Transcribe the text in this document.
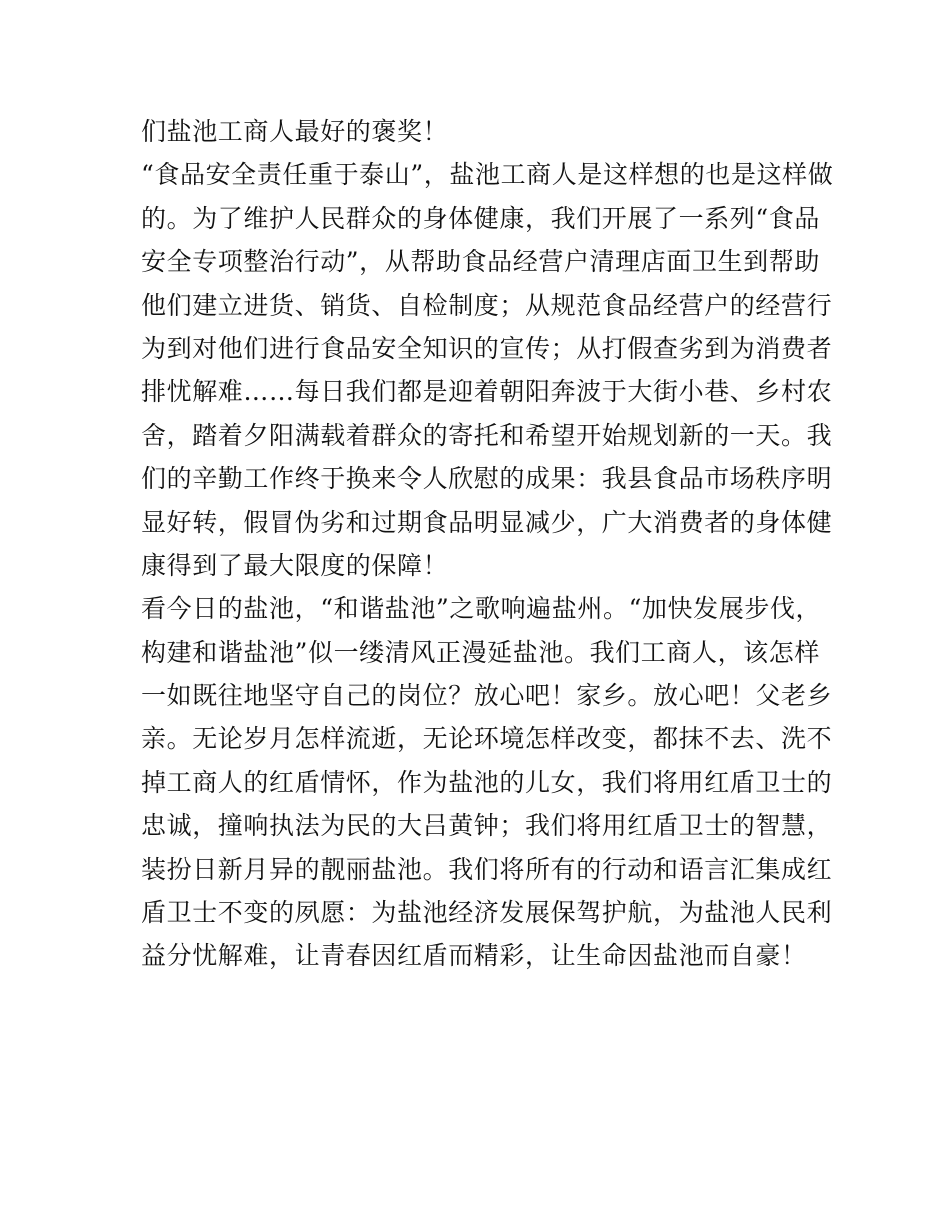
们盐池工商人最好的褒奖！
“食品安全责任重于泰山”，盐池工商人是这样想的也是这样做
的。为了维护人民群众的身体健康，我们开展了一系列“食品
安全专项整治行动”，从帮助食品经营户清理店面卫生到帮助
他们建立进货、销货、自检制度；从规范食品经营户的经营行
为到对他们进行食品安全知识的宣传；从打假查劣到为消费者
排忧解难……每日我们都是迎着朝阳奔波于大街小巷、乡村农
舍，踏着夕阳满载着群众的寄托和希望开始规划新的一天。我
们的辛勤工作终于换来令人欣慰的成果：我县食品市场秩序明
显好转，假冒伪劣和过期食品明显减少，广大消费者的身体健
康得到了最大限度的保障！
看今日的盐池，“和谐盐池”之歌响遍盐州。“加快发展步伐，
构建和谐盐池”似一缕清风正漫延盐池。我们工商人，该怎样
一如既往地坚守自己的岗位？放心吧！家乡。放心吧！父老乡
亲。无论岁月怎样流逝，无论环境怎样改变，都抹不去、洗不
掉工商人的红盾情怀，作为盐池的儿女，我们将用红盾卫士的
忠诚，撞响执法为民的大吕黄钟；我们将用红盾卫士的智慧，
装扮日新月异的靓丽盐池。我们将所有的行动和语言汇集成红
盾卫士不变的夙愿：为盐池经济发展保驾护航，为盐池人民利
益分忧解难，让青春因红盾而精彩，让生命因盐池而自豪！
